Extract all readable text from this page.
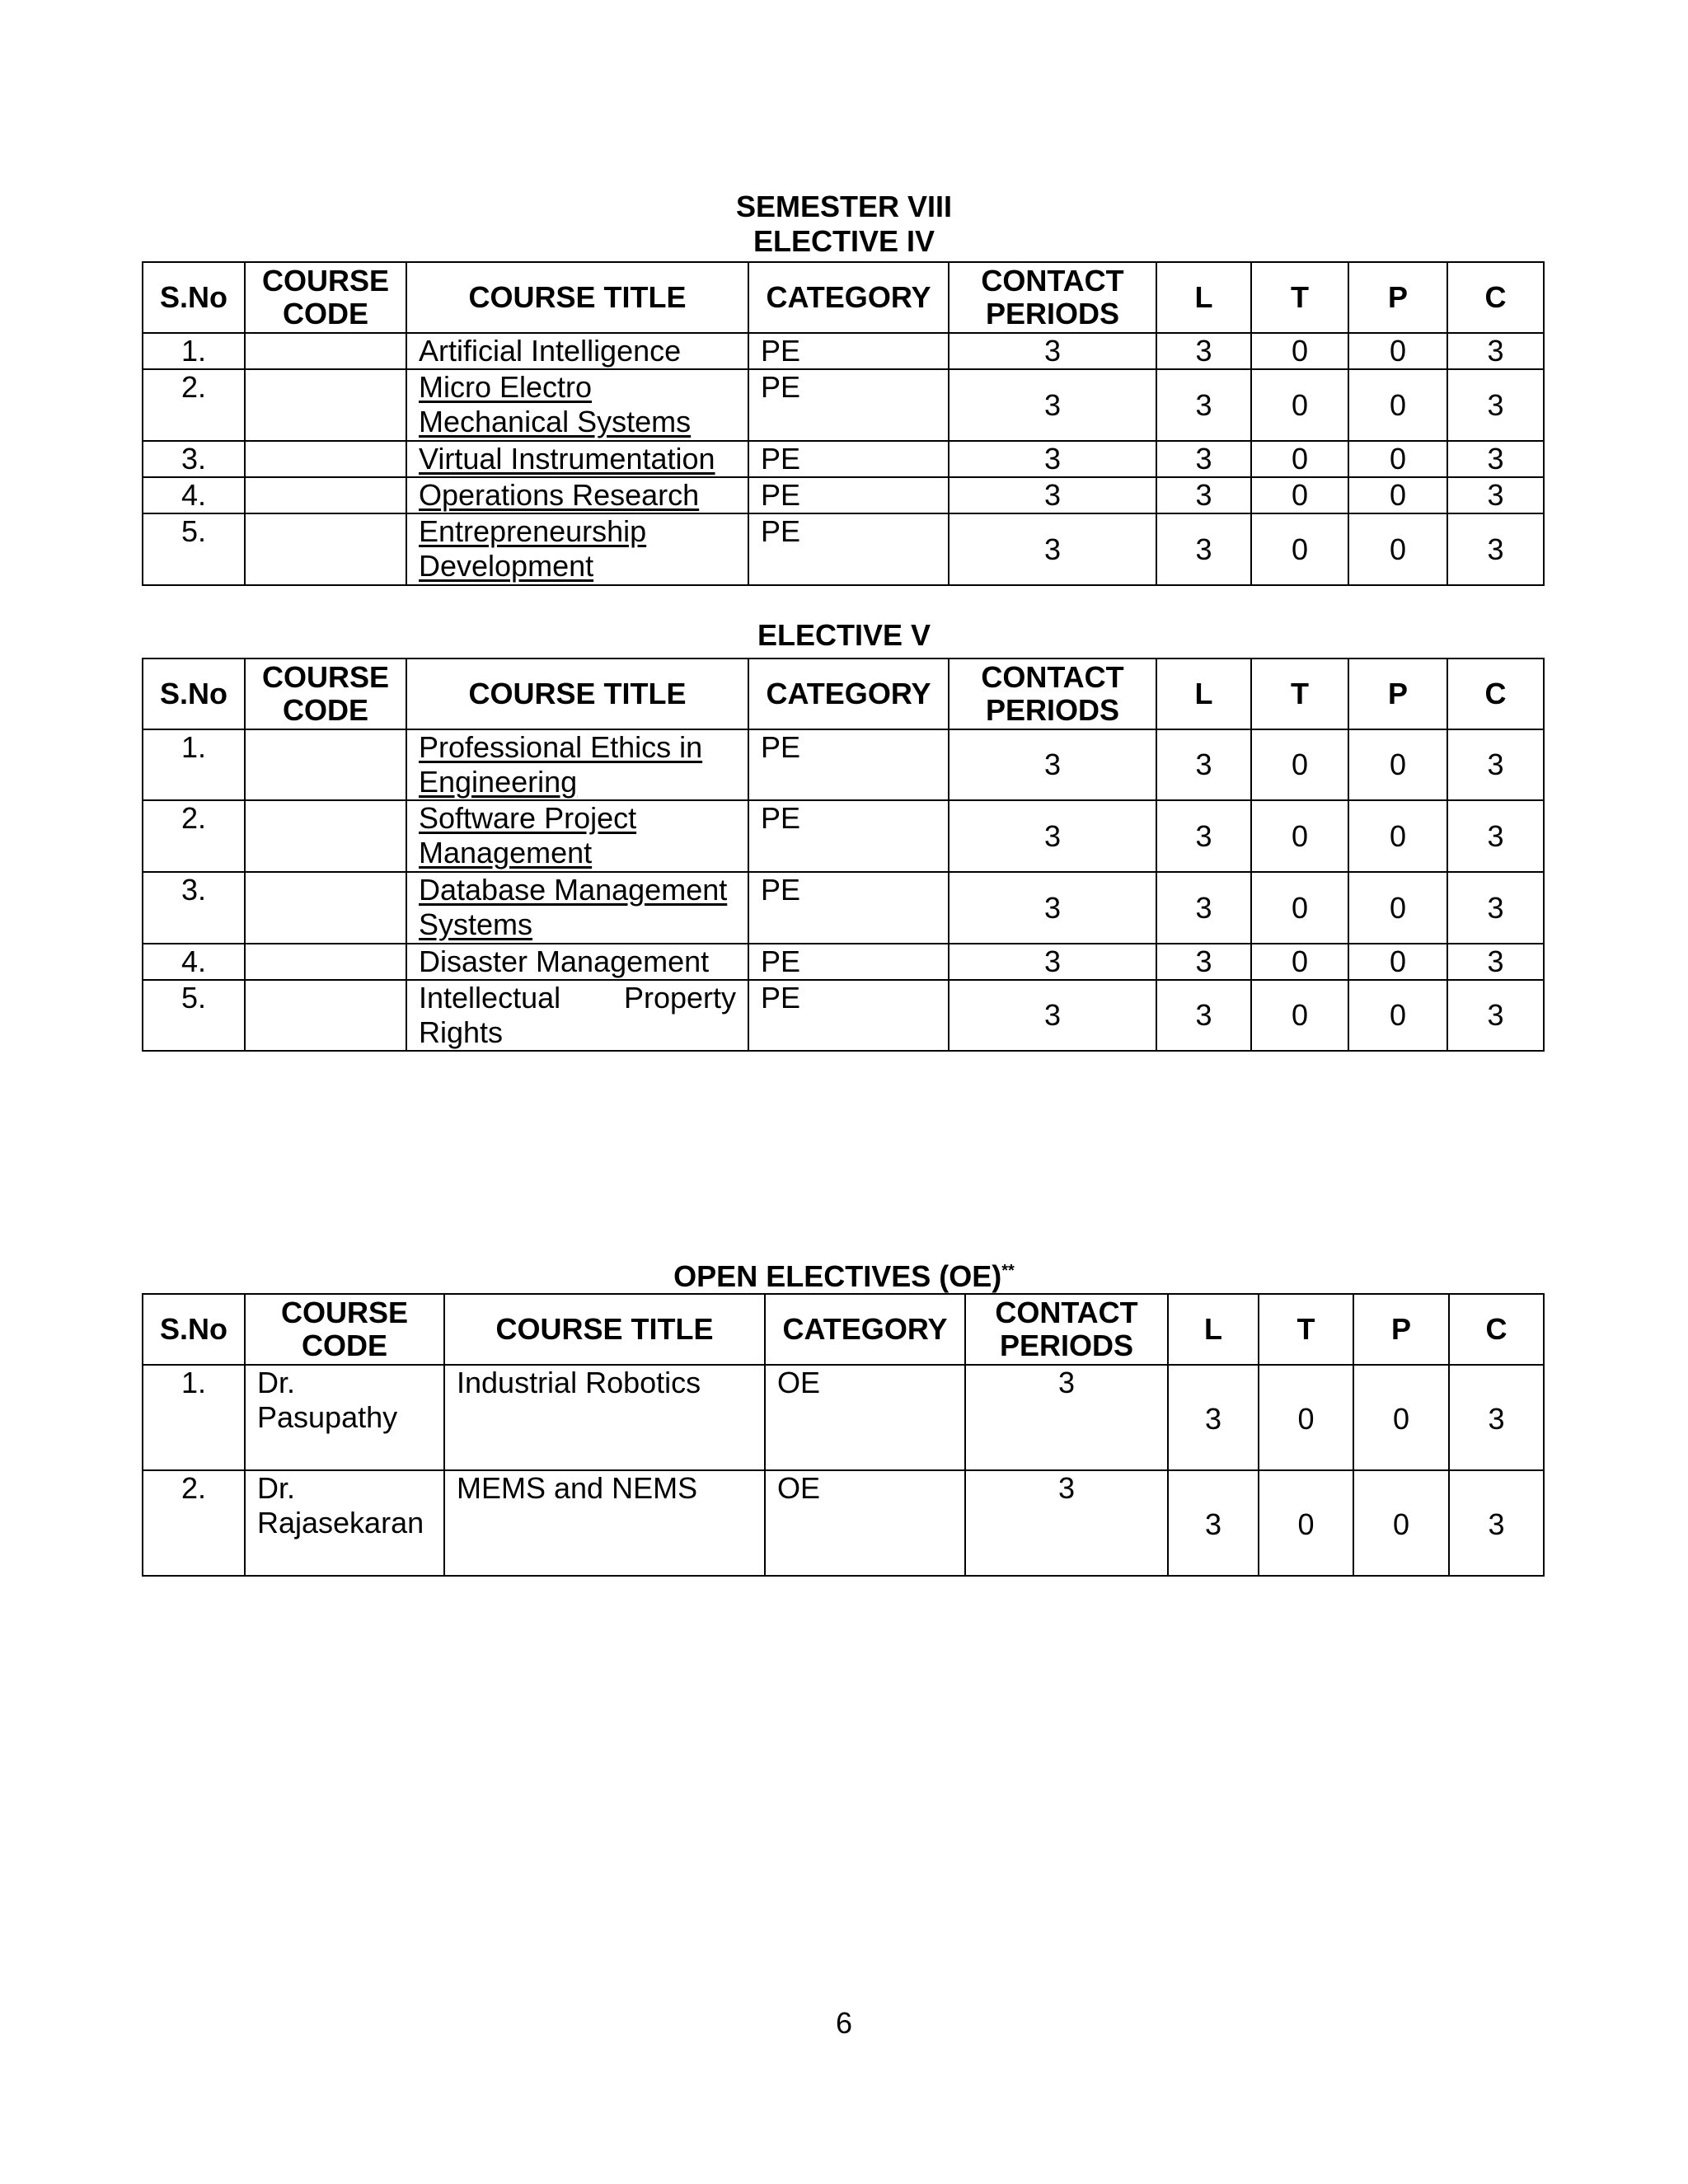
SEMESTER VIII
ELECTIVE IV
S.No	COURSE CODE	COURSE TITLE	CATEGORY	CONTACT PERIODS	L	T	P	C
1.		Artificial Intelligence	PE	3	3	0	0	3
2.		Micro Electro Mechanical Systems	PE	3	3	0	0	3
3.		Virtual Instrumentation	PE	3	3	0	0	3
4.		Operations Research	PE	3	3	0	0	3
5.		Entrepreneurship Development	PE	3	3	0	0	3
ELECTIVE V
S.No	COURSE CODE	COURSE TITLE	CATEGORY	CONTACT PERIODS	L	T	P	C
1.		Professional Ethics in Engineering	PE	3	3	0	0	3
2.		Software Project Management	PE	3	3	0	0	3
3.		Database Management Systems	PE	3	3	0	0	3
4.		Disaster Management	PE	3	3	0	0	3
5.		Intellectual Property Rights	PE	3	3	0	0	3
OPEN ELECTIVES (OE)**
S.No	COURSE CODE	COURSE TITLE	CATEGORY	CONTACT PERIODS	L	T	P	C
1.	Dr. Pasupathy	Industrial Robotics	OE	3	3	0	0	3
2.	Dr. Rajasekaran	MEMS and NEMS	OE	3	3	0	0	3
6
